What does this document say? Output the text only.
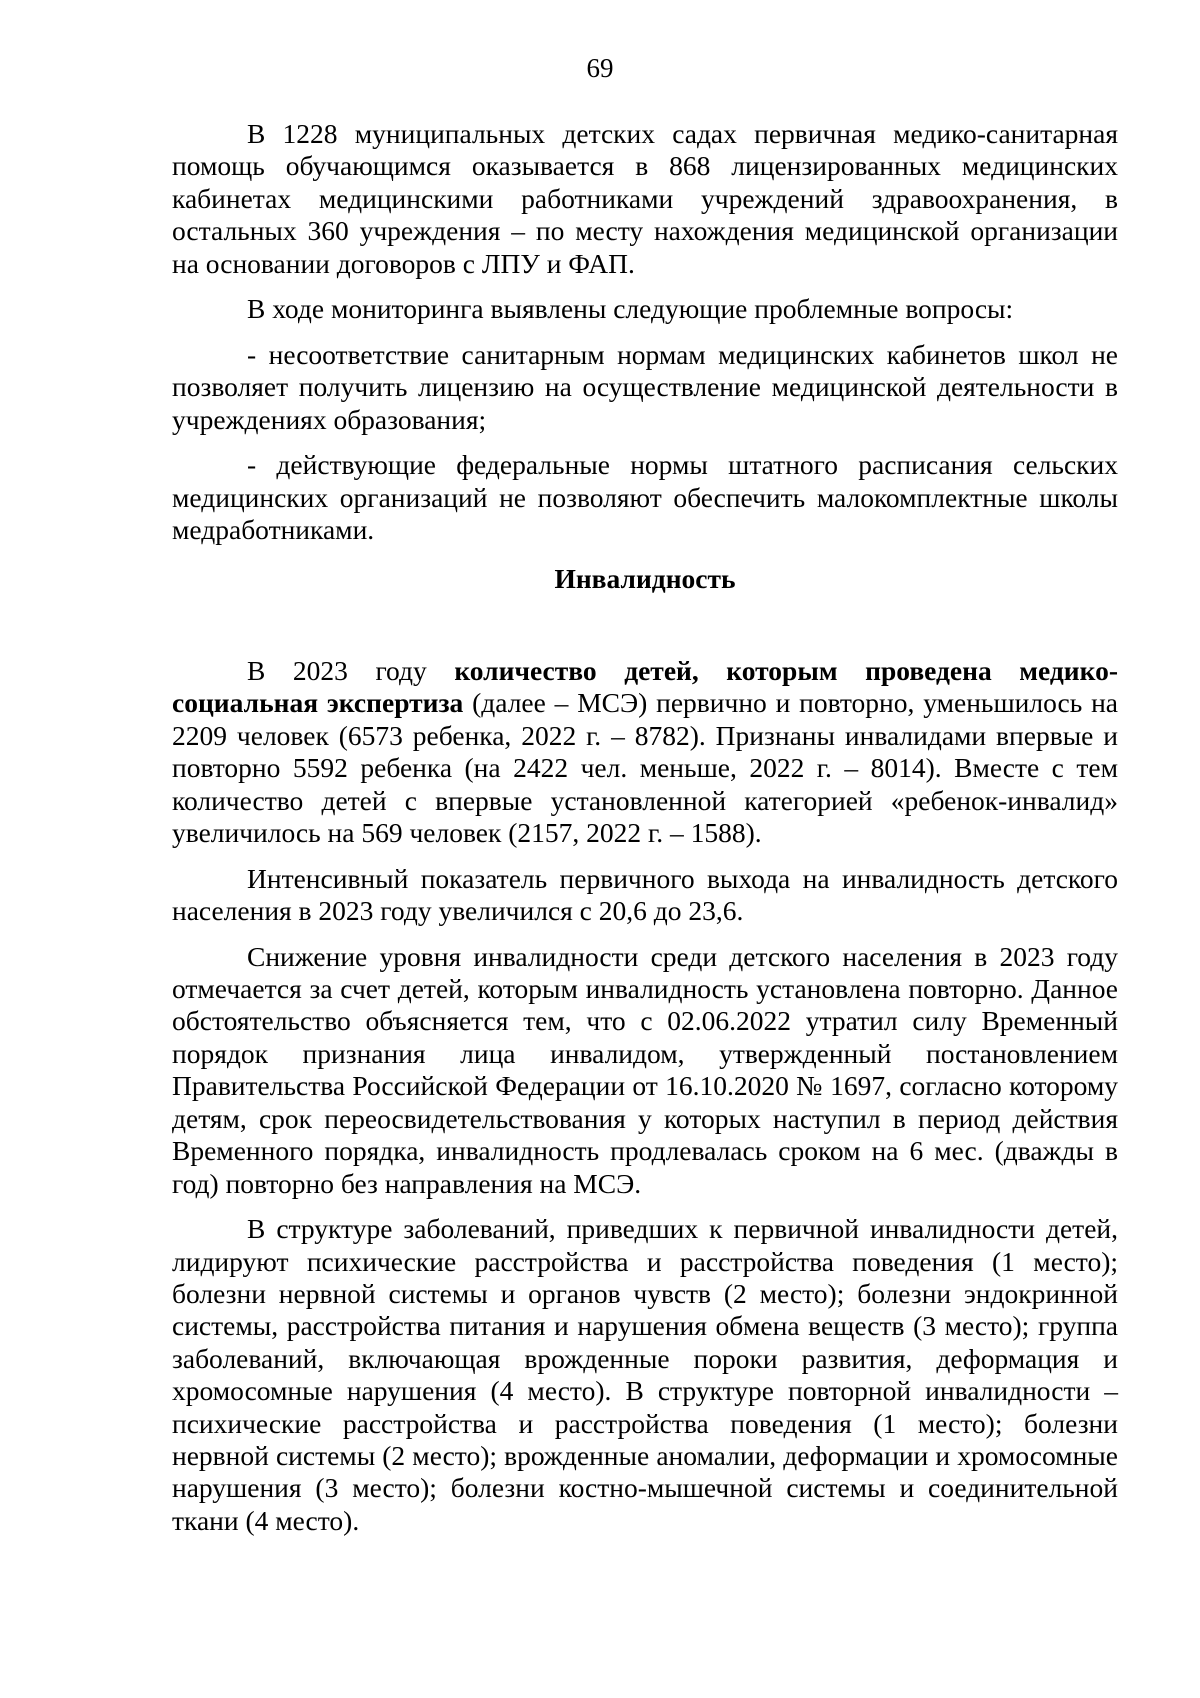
69

В 1228 муниципальных детских садах первичная медико-санитарная помощь обучающимся оказывается в 868 лицензированных медицинских кабинетах медицинскими работниками учреждений здравоохранения, в остальных 360 учреждения – по месту нахождения медицинской организации на основании договоров с ЛПУ и ФАП.

В ходе мониторинга выявлены следующие проблемные вопросы:

- несоответствие санитарным нормам медицинских кабинетов школ не позволяет получить лицензию на осуществление медицинской деятельности в учреждениях образования;

- действующие федеральные нормы штатного расписания сельских медицинских организаций не позволяют обеспечить малокомплектные школы медработниками.

Инвалидность

В 2023 году количество детей, которым проведена медико-социальная экспертиза (далее – МСЭ) первично и повторно, уменьшилось на 2209 человек (6573 ребенка, 2022 г. – 8782). Признаны инвалидами впервые и повторно 5592 ребенка (на 2422 чел. меньше, 2022 г. – 8014). Вместе с тем количество детей с впервые установленной категорией «ребенок-инвалид» увеличилось на 569 человек (2157, 2022 г. – 1588).

Интенсивный показатель первичного выхода на инвалидность детского населения в 2023 году увеличился с 20,6 до 23,6.

Снижение уровня инвалидности среди детского населения в 2023 году отмечается за счет детей, которым инвалидность установлена повторно. Данное обстоятельство объясняется тем, что с 02.06.2022 утратил силу Временный порядок признания лица инвалидом, утвержденный постановлением Правительства Российской Федерации от 16.10.2020 № 1697, согласно которому детям, срок переосвидетельствования у которых наступил в период действия Временного порядка, инвалидность продлевалась сроком на 6 мес. (дважды в год) повторно без направления на МСЭ.

В структуре заболеваний, приведших к первичной инвалидности детей, лидируют психические расстройства и расстройства поведения (1 место); болезни нервной системы и органов чувств (2 место); болезни эндокринной системы, расстройства питания и нарушения обмена веществ (3 место); группа заболеваний, включающая врожденные пороки развития, деформация и хромосомные нарушения (4 место). В структуре повторной инвалидности – психические расстройства и расстройства поведения (1 место); болезни нервной системы (2 место); врожденные аномалии, деформации и хромосомные нарушения (3 место); болезни костно-мышечной системы и соединительной ткани (4 место).
